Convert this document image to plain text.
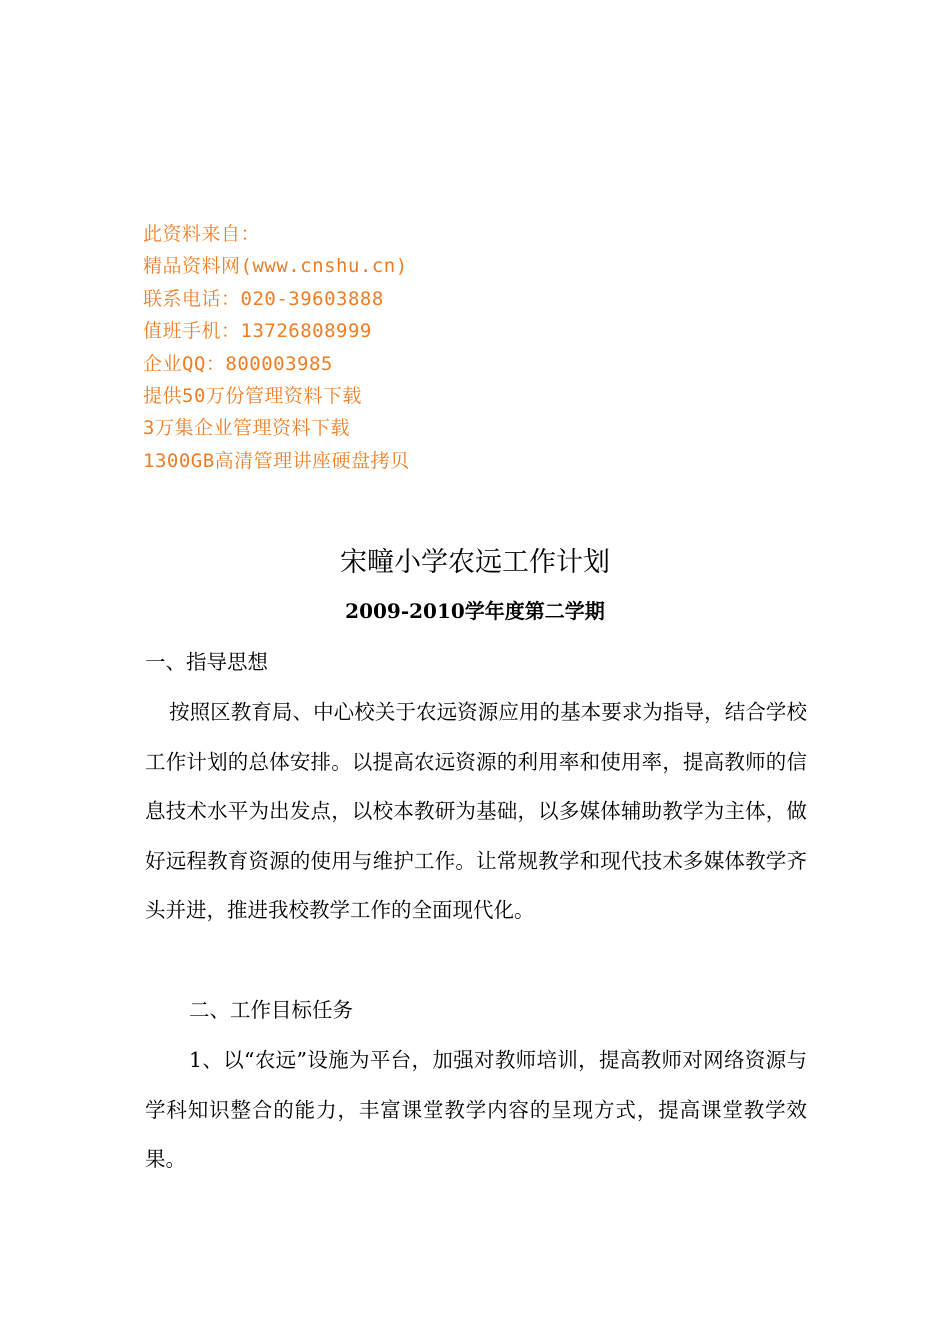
此资料来自：
精品资料网(www.cnshu.cn)
联系电话：020-39603888
值班手机：13726808999
企业QQ：800003985
提供50万份管理资料下载
3万集企业管理资料下载
1300GB高清管理讲座硬盘拷贝
宋疃小学农远工作计划
2009-2010学年度第二学期

一、指导思想

按照区教育局、中心校关于农远资源应用的基本要求为指导，结合学校工作计划的总体安排。以提高农远资源的利用率和使用率，提高教师的信息技术水平为出发点，以校本教研为基础，以多媒体辅助教学为主体，做好远程教育资源的使用与维护工作。让常规教学和现代技术多媒体教学齐头并进，推进我校教学工作的全面现代化。

二、工作目标任务

1、以“农远”设施为平台，加强对教师培训，提高教师对网络资源与学科知识整合的能力，丰富课堂教学内容的呈现方式，提高课堂教学效果。
